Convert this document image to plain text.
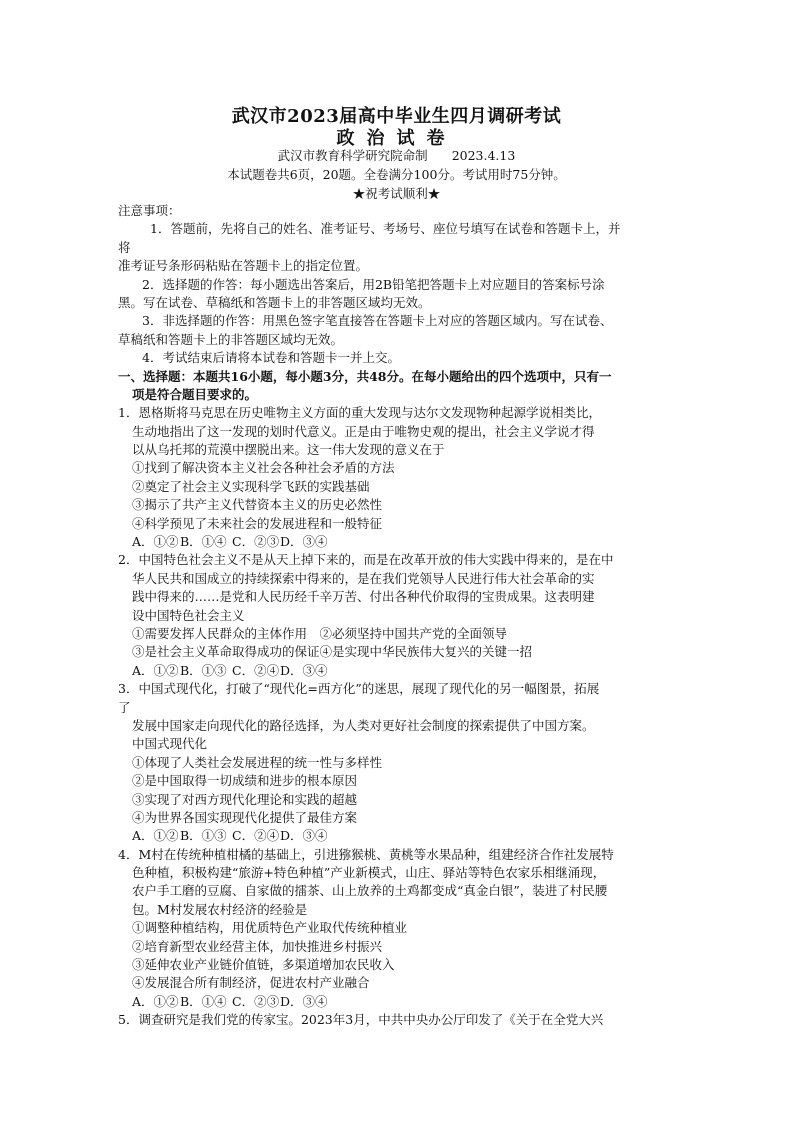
武汉市2023届高中毕业生四月调研考试
政治试卷
武汉市教育科学研究院命制 2023.4.13
本试题卷共6页，20题。全卷满分100分。考试用时75分钟。
★祝考试顺利★
注意事项：
1．答题前，先将自己的姓名、准考证号、考场号、座位号填写在试卷和答题卡上，并
将
准考证号条形码粘贴在答题卡上的指定位置。
2．选择题的作答：每小题选出答案后，用2B铅笔把答题卡上对应题目的答案标号涂
黑。写在试卷、草稿纸和答题卡上的非答题区域均无效。
3．非选择题的作答：用黑色签字笔直接答在答题卡上对应的答题区域内。写在试卷、
草稿纸和答题卡上的非答题区域均无效。
4．考试结束后请将本试卷和答题卡一并上交。
一、选择题：本题共16小题，每小题3分，共48分。在每小题给出的四个选项中，只有一
项是符合题目要求的。
1．恩格斯将马克思在历史唯物主义方面的重大发现与达尔文发现物种起源学说相类比，
生动地指出了这一发现的划时代意义。正是由于唯物史观的提出，社会主义学说才得
以从乌托邦的荒漠中摆脱出来。这一伟大发现的意义在于
①找到了解决资本主义社会各种社会矛盾的方法
②奠定了社会主义实现科学飞跃的实践基础
③揭示了共产主义代替资本主义的历史必然性
④科学预见了未来社会的发展进程和一般特征
A．①②B．①④ C．②③D．③④
2．中国特色社会主义不是从天上掉下来的，而是在改革开放的伟大实践中得来的，是在中
华人民共和国成立的持续探索中得来的，是在我们党领导人民进行伟大社会革命的实
践中得来的……是党和人民历经千辛万苦、付出各种代价取得的宝贵成果。这表明建
设中国特色社会主义
①需要发挥人民群众的主体作用　②必须坚持中国共产党的全面领导
③是社会主义革命取得成功的保证④是实现中华民族伟大复兴的关键一招
A．①②B．①③ C．②④D．③④
3．中国式现代化，打破了“现代化=西方化”的迷思，展现了现代化的另一幅图景，拓展
了
发展中国家走向现代化的路径选择，为人类对更好社会制度的探索提供了中国方案。
中国式现代化
①体现了人类社会发展进程的统一性与多样性
②是中国取得一切成绩和进步的根本原因
③实现了对西方现代化理论和实践的超越
④为世界各国实现现代化提供了最佳方案
A．①②B．①③ C．②④D．③④
4．M村在传统种植柑橘的基础上，引进猕猴桃、黄桃等水果品种，组建经济合作社发展特
色种植，积极构建“旅游+特色种植”产业新模式，山庄、驿站等特色农家乐相继涌现，
农户手工磨的豆腐、自家做的擂茶、山上放养的土鸡都变成“真金白银”，装进了村民腰
包。M村发展农村经济的经验是
①调整种植结构，用优质特色产业取代传统种植业
②培育新型农业经营主体，加快推进乡村振兴
③延伸农业产业链价值链，多渠道增加农民收入
④发展混合所有制经济，促进农村产业融合
A．①②B．①④ C．②③D．③④
5．调查研究是我们党的传家宝。2023年3月，中共中央办公厅印发了《关于在全党大兴
